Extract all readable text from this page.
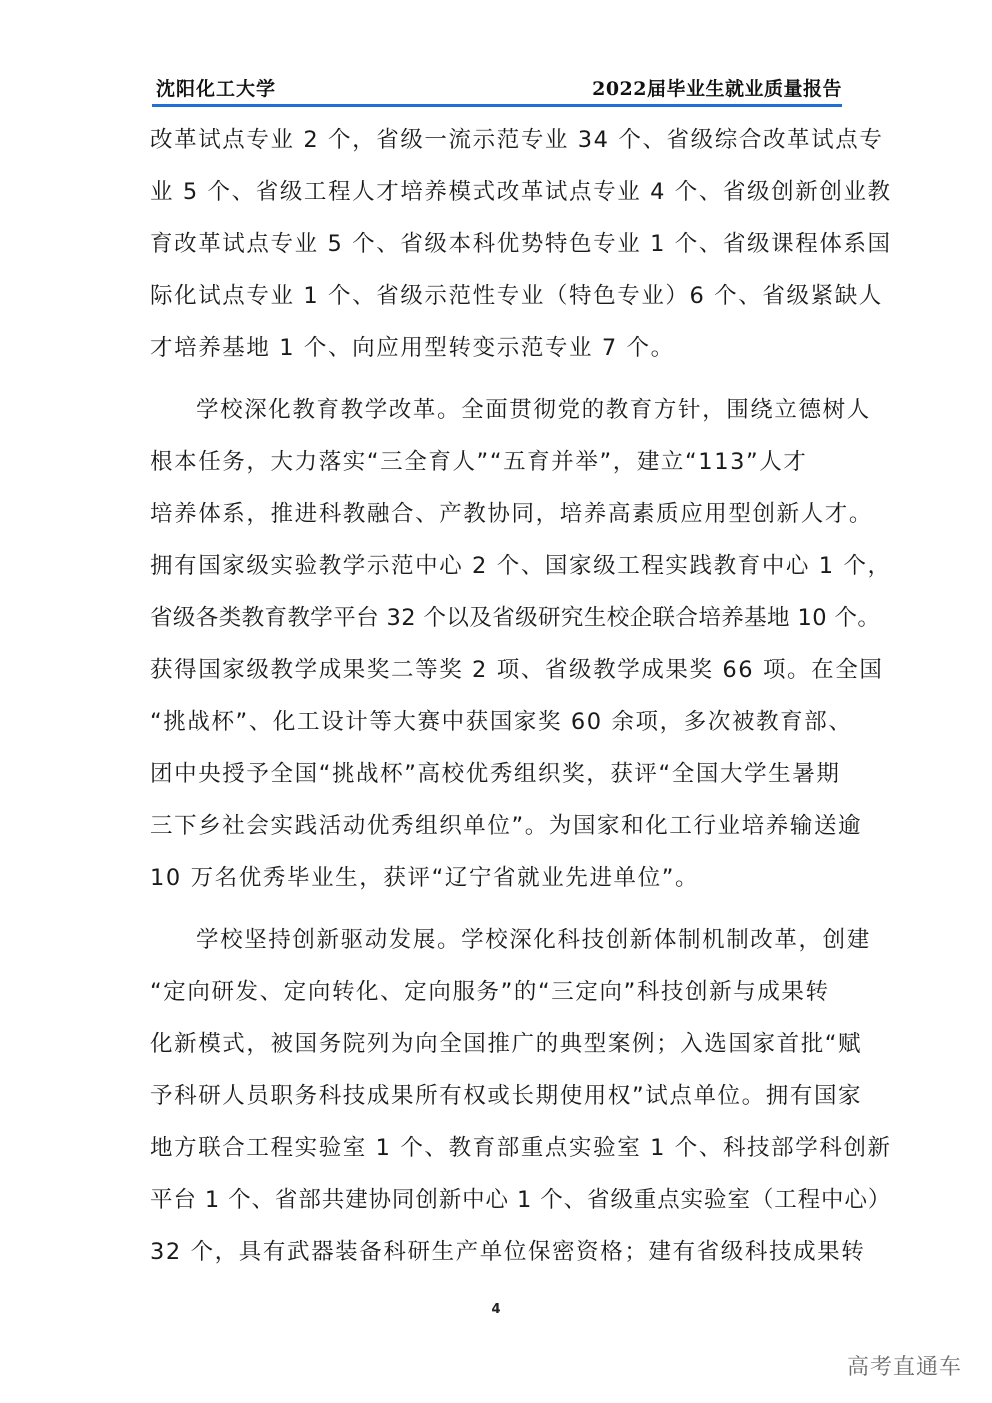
沈阳化工大学	2022届毕业生就业质量报告
改革试点专业 2 个，省级一流示范专业 34 个、省级综合改革试点专
业 5 个、省级工程人才培养模式改革试点专业 4 个、省级创新创业教
育改革试点专业 5 个、省级本科优势特色专业 1 个、省级课程体系国
际化试点专业 1 个、省级示范性专业（特色专业）6 个、省级紧缺人
才培养基地 1 个、向应用型转变示范专业 7 个。
学校深化教育教学改革。全面贯彻党的教育方针，围绕立德树人
根本任务，大力落实“三全育人”“五育并举”，建立“113”人才
培养体系，推进科教融合、产教协同，培养高素质应用型创新人才。
拥有国家级实验教学示范中心 2 个、国家级工程实践教育中心 1 个，
省级各类教育教学平台 32 个以及省级研究生校企联合培养基地 10 个。
获得国家级教学成果奖二等奖 2 项、省级教学成果奖 66 项。在全国
“挑战杯”、化工设计等大赛中获国家奖 60 余项，多次被教育部、
团中央授予全国“挑战杯”高校优秀组织奖，获评“全国大学生暑期
三下乡社会实践活动优秀组织单位”。为国家和化工行业培养输送逾
10 万名优秀毕业生，获评“辽宁省就业先进单位”。
学校坚持创新驱动发展。学校深化科技创新体制机制改革，创建
“定向研发、定向转化、定向服务”的“三定向”科技创新与成果转
化新模式，被国务院列为向全国推广的典型案例；入选国家首批“赋
予科研人员职务科技成果所有权或长期使用权”试点单位。拥有国家
地方联合工程实验室 1 个、教育部重点实验室 1 个、科技部学科创新
平台 1 个、省部共建协同创新中心 1 个、省级重点实验室（工程中心）
32 个，具有武器装备科研生产单位保密资格；建有省级科技成果转
4
高考直通车
